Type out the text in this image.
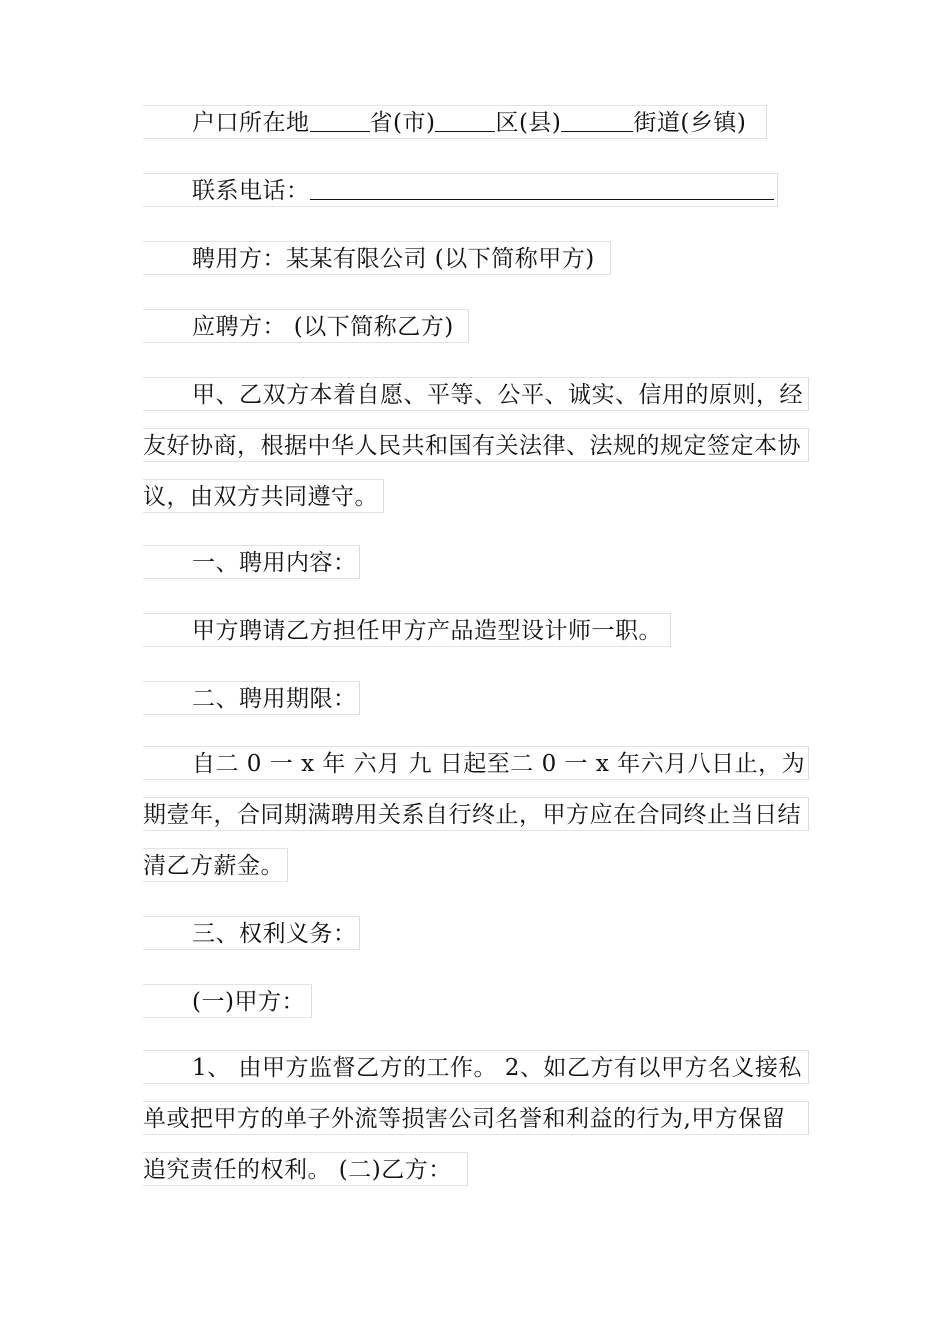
户口所在地	省(市)	区(县)	街道(乡镇)
联系电话：
聘用方：某某有限公司 (以下简称甲方)
应聘方： (以下简称乙方)
甲、乙双方本着自愿、平等、公平、诚实、信用的原则，经
友好协商，根据中华人民共和国有关法律、法规的规定签定本协
议，由双方共同遵守。
一、聘用内容：
甲方聘请乙方担任甲方产品造型设计师一职。
二、聘用期限：
自二 0 一 x 年 六月 九 日起至二 0 一 x 年六月八日止，为
期壹年，合同期满聘用关系自行终止，甲方应在合同终止当日结
清乙方薪金。
三、权利义务：
(一)甲方：
1、 由甲方监督乙方的工作。 2、如乙方有以甲方名义接私
单或把甲方的单子外流等损害公司名誉和利益的行为,甲方保留
追究责任的权利。 (二)乙方：
